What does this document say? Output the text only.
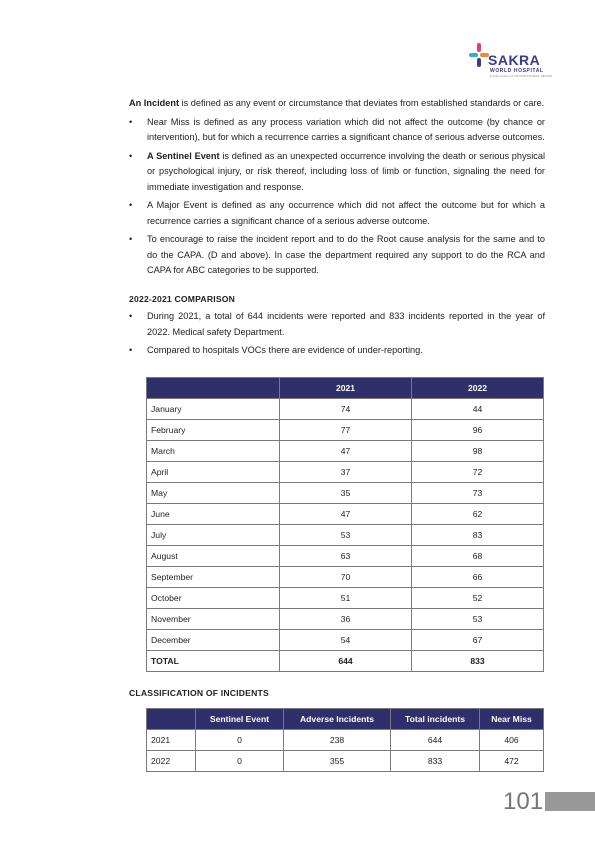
SAKRA
WORLD HOSPITAL
A Joint venture of TOYOTA TSUSHO, SECOM

An Incident is defined as any event or circumstance that deviates from established standards or care.

• Near Miss is defined as any process variation which did not affect the outcome (by chance or intervention), but for which a recurrence carries a significant chance of serious adverse outcomes.
• A Sentinel Event is defined as an unexpected occurrence involving the death or serious physical or psychological injury, or risk thereof, including loss of limb or function, signaling the need for immediate investigation and response.
• A Major Event is defined as any occurrence which did not affect the outcome but for which a recurrence carries a significant chance of a serious adverse outcome.
• To encourage to raise the incident report and to do the Root cause analysis for the same and to do the CAPA. (D and above). In case the department required any support to do the RCA and CAPA for ABC categories to be supported.
2022-2021 COMPARISON
• During 2021, a total of 644 incidents were reported and 833 incidents reported in the year of 2022. Medical safety Department.
• Compared to hospitals VOCs there are evidence of under-reporting.
	2021	2022
January	74	44
February	77	96
March	47	98
April	37	72
May	35	73
June	47	62
July	53	83
August	63	68
September	70	66
October	51	52
November	36	53
December	54	67
TOTAL	644	833
CLASSIFICATION OF INCIDENTS
	Sentinel Event	Adverse Incidents	Total incidents	Near Miss
2021	0	238	644	406
2022	0	355	833	472
101
